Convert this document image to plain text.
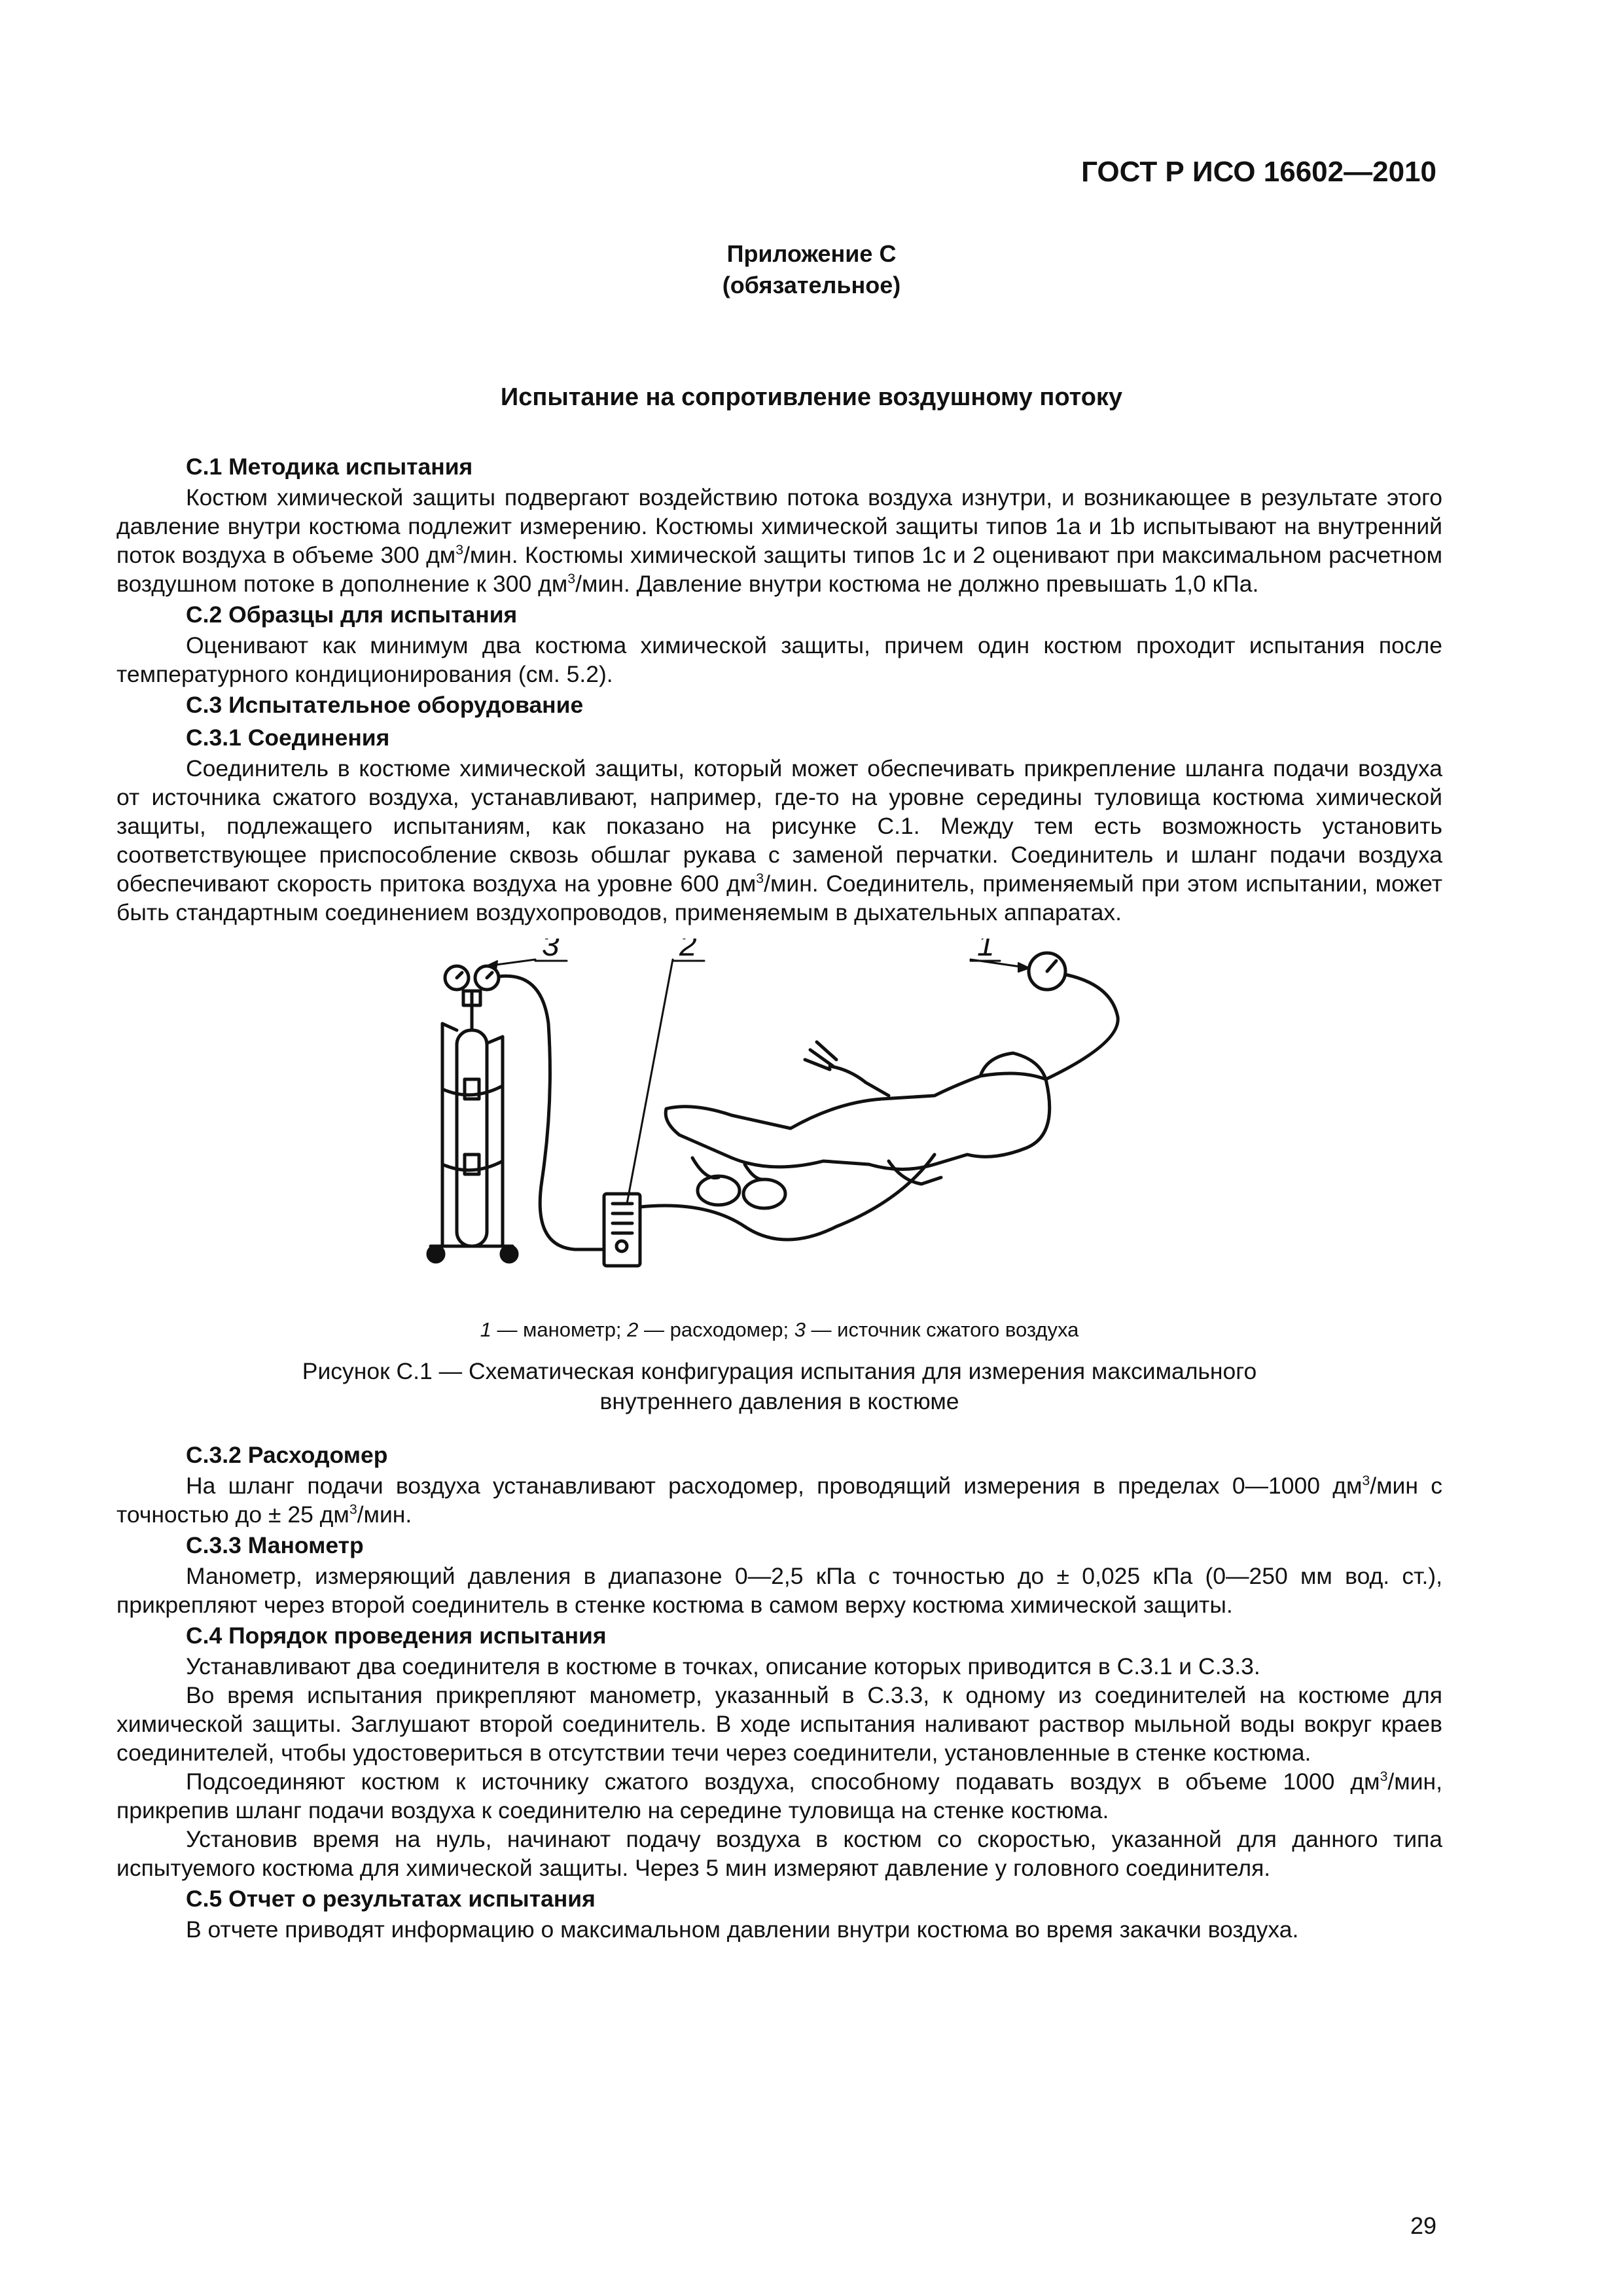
ГОСТ Р ИСО 16602—2010
Приложение С
(обязательное)
Испытание на сопротивление воздушному потоку
С.1 Методика испытания

Костюм химической защиты подвергают воздействию потока воздуха изнутри, и возникающее в результате этого давление внутри костюма подлежит измерению. Костюмы химической защиты типов 1a и 1b испытывают на внутренний поток воздуха в объеме 300 $дм^3$/мин. Костюмы химической защиты типов 1c и 2 оценивают при максимальном расчетном воздушном потоке в дополнение к 300 $дм^3$/мин. Давление внутри костюма не должно превышать 1,0 кПа.

С.2 Образцы для испытания

Оценивают как минимум два костюма химической защиты, причем один костюм проходит испытания после температурного кондиционирования (см. 5.2).

С.3 Испытательное оборудование
С.3.1 Соединения

Соединитель в костюме химической защиты, который может обеспечивать прикрепление шланга подачи воздуха от источника сжатого воздуха, устанавливают, например, где-то на уровне середины туловища костюма химической защиты, подлежащего испытаниям, как показано на рисунке С.1. Между тем есть возможность установить соответствующее приспособление сквозь обшлаг рукава с заменой перчатки. Соединитель и шланг подачи воздуха обеспечивают скорость притока воздуха на уровне 600 $дм^3$/мин. Соединитель, применяемый при этом испытании, может быть стандартным соединением воздухопроводов, применяемым в дыхательных аппаратах.

3	2	1
1 — манометр; 2 — расходомер; 3 — источник сжатого воздуха
Рисунок С.1 — Схематическая конфигурация испытания для измерения максимального
внутреннего давления в костюме
С.3.2 Расходомер

На шланг подачи воздуха устанавливают расходомер, проводящий измерения в пределах 0—1000 $дм^3$/мин с точностью до ± 25 $дм^3$/мин.

С.3.3 Манометр

Манометр, измеряющий давления в диапазоне 0—2,5 кПа с точностью до ± 0,025 кПа (0—250 мм вод. ст.), прикрепляют через второй соединитель в стенке костюма в самом верху костюма химической защиты.

С.4 Порядок проведения испытания

Устанавливают два соединителя в костюме в точках, описание которых приводится в С.3.1 и С.3.3.

Во время испытания прикрепляют манометр, указанный в С.3.3, к одному из соединителей на костюме для химической защиты. Заглушают второй соединитель. В ходе испытания наливают раствор мыльной воды вокруг краев соединителей, чтобы удостовериться в отсутствии течи через соединители, установленные в стенке костюма.

Подсоединяют костюм к источнику сжатого воздуха, способному подавать воздух в объеме 1000 $дм^3$/мин, прикрепив шланг подачи воздуха к соединителю на середине туловища на стенке костюма.

Установив время на нуль, начинают подачу воздуха в костюм со скоростью, указанной для данного типа испытуемого костюма для химической защиты. Через 5 мин измеряют давление у головного соединителя.

С.5 Отчет о результатах испытания

В отчете приводят информацию о максимальном давлении внутри костюма во время закачки воздуха.

29
